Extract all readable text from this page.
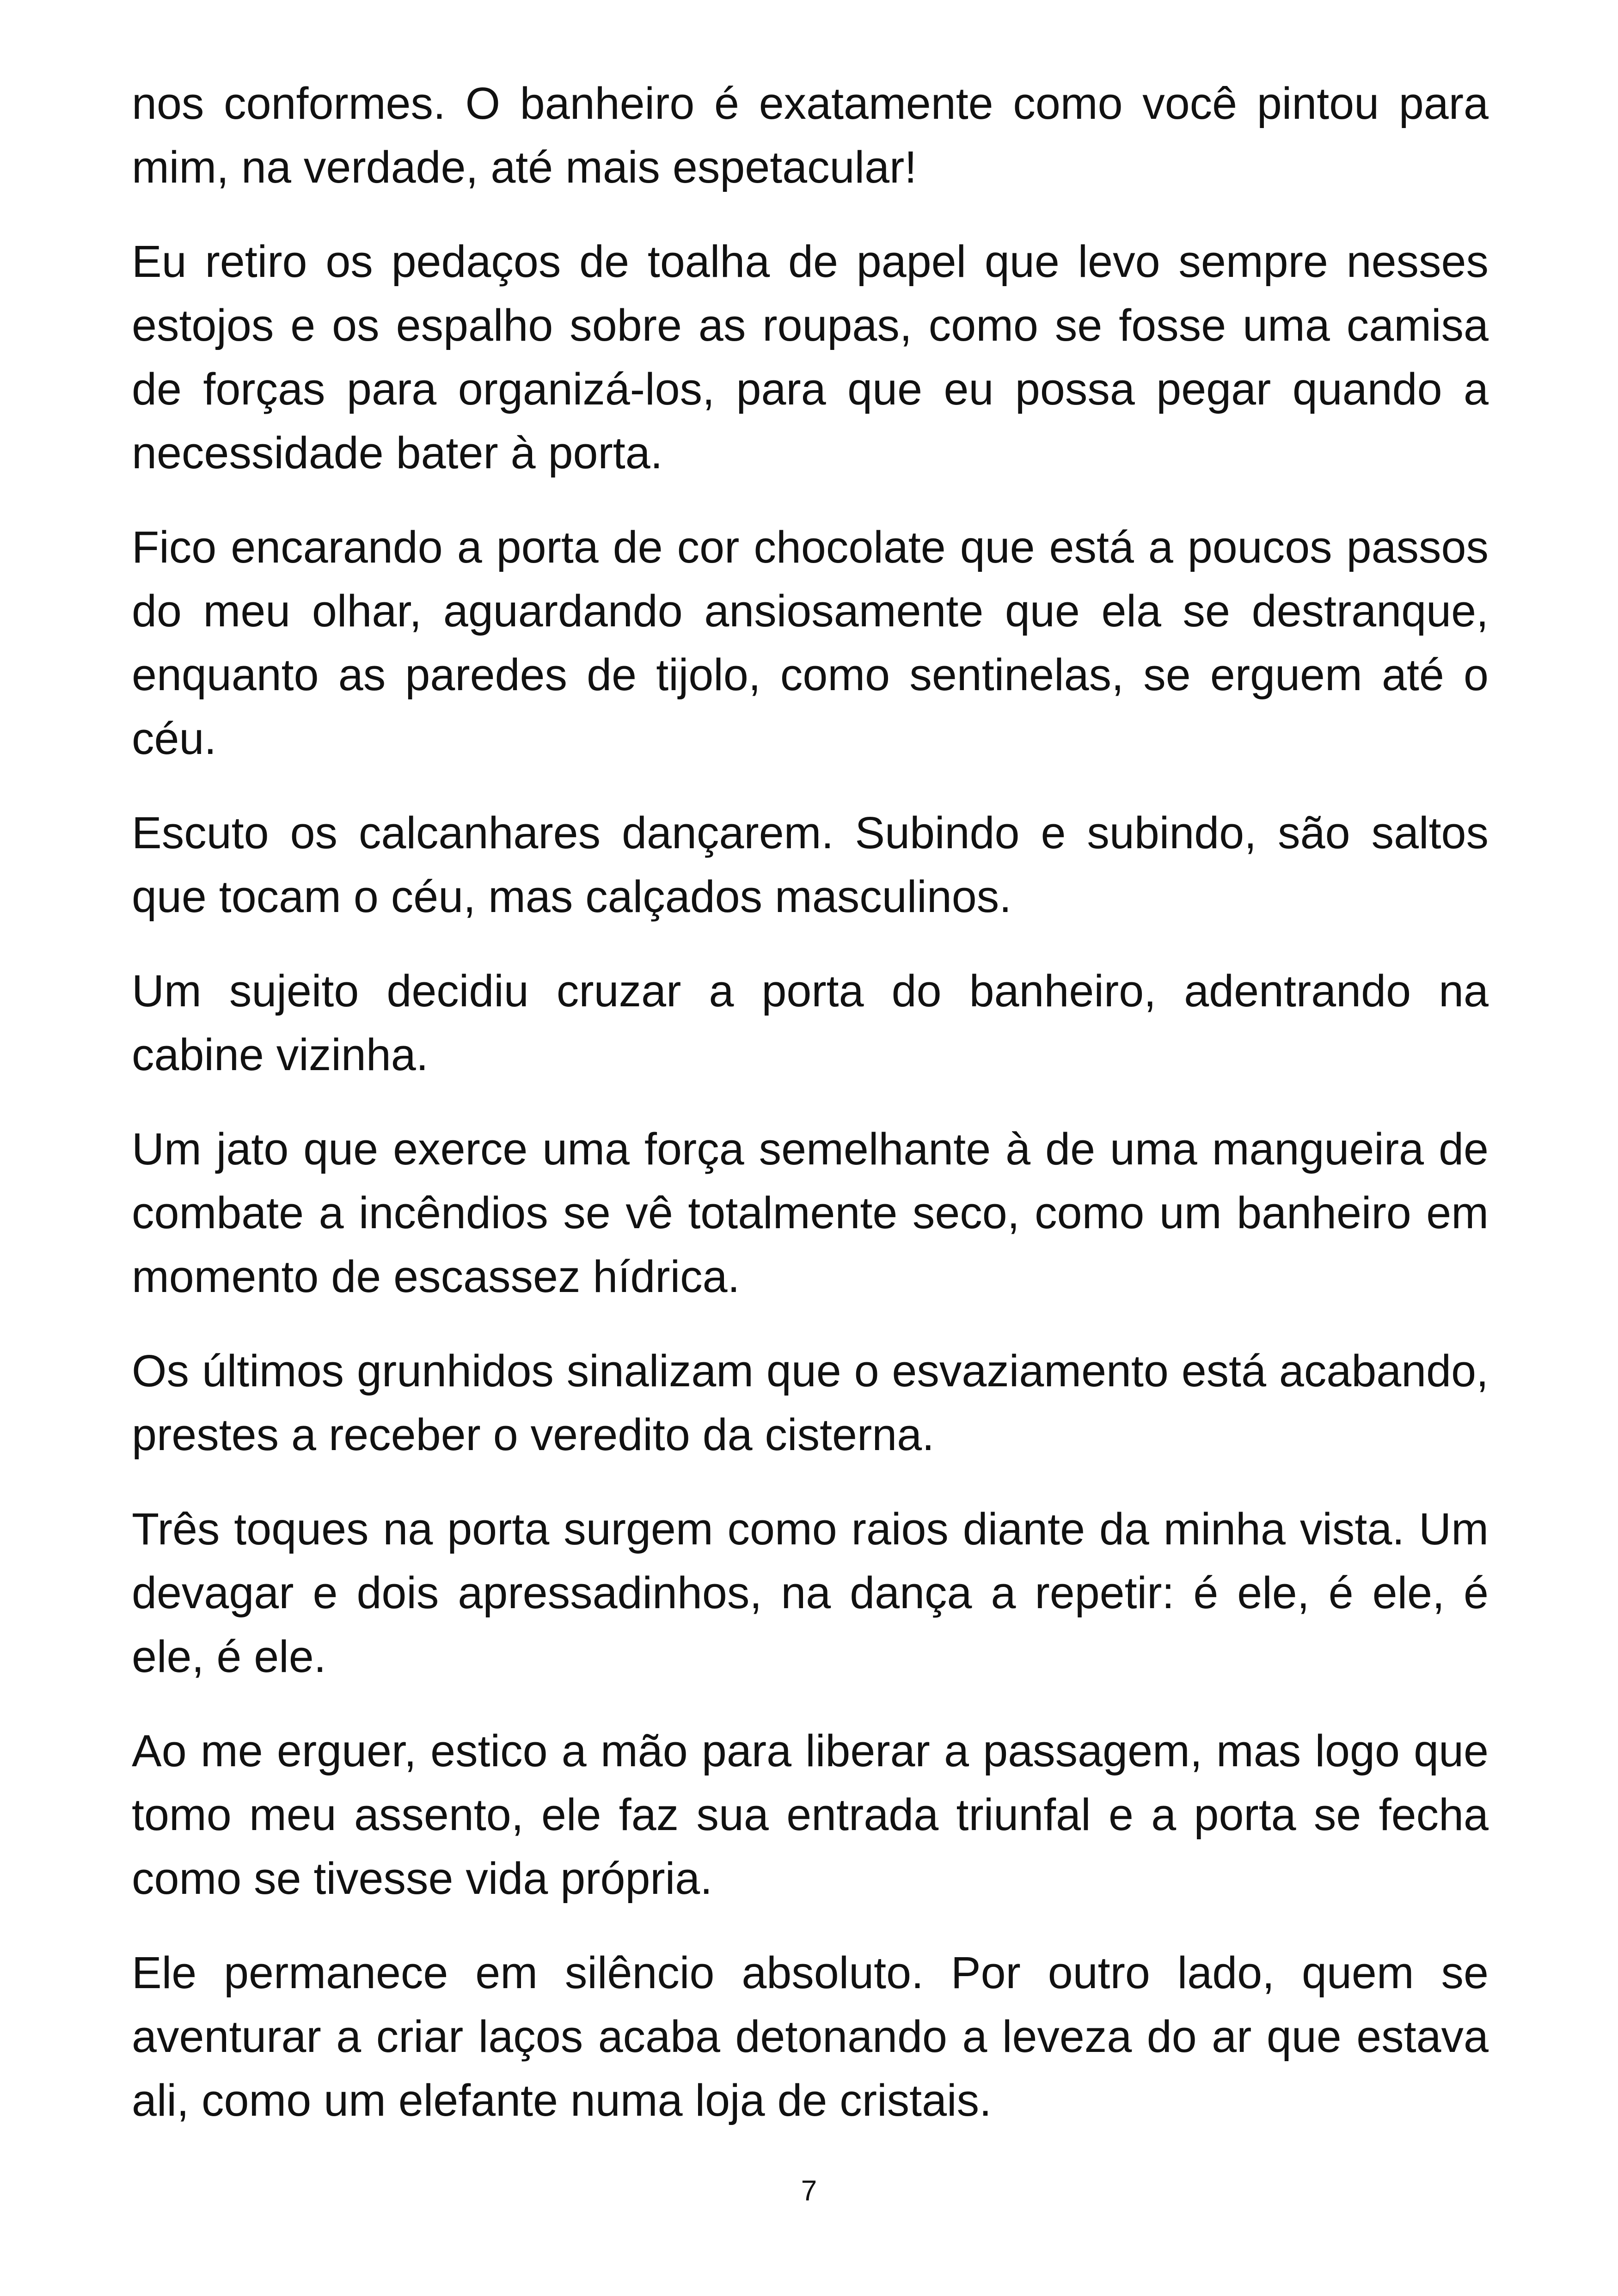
nos conformes. O banheiro é exatamente como você pintou para mim, na verdade, até mais espetacular!

Eu retiro os pedaços de toalha de papel que levo sempre nesses estojos e os espalho sobre as roupas, como se fosse uma camisa de forças para organizá-los, para que eu possa pegar quando a necessidade bater à porta.

Fico encarando a porta de cor chocolate que está a poucos passos do meu olhar, aguardando ansiosamente que ela se destranque, enquanto as paredes de tijolo, como sentinelas, se erguem até o céu.

Escuto os calcanhares dançarem. Subindo e subindo, são saltos que tocam o céu, mas calçados masculinos.

Um sujeito decidiu cruzar a porta do banheiro, adentrando na cabine vizinha.

Um jato que exerce uma força semelhante à de uma mangueira de combate a incêndios se vê totalmente seco, como um banheiro em momento de escassez hídrica.

Os últimos grunhidos sinalizam que o esvaziamento está acabando, prestes a receber o veredito da cisterna.

Três toques na porta surgem como raios diante da minha vista. Um devagar e dois apressadinhos, na dança a repetir: é ele, é ele, é ele, é ele.

Ao me erguer, estico a mão para liberar a passagem, mas logo que tomo meu assento, ele faz sua entrada triunfal e a porta se fecha como se tivesse vida própria.

Ele permanece em silêncio absoluto. Por outro lado, quem se aventurar a criar laços acaba detonando a leveza do ar que estava ali, como um elefante numa loja de cristais.

7
